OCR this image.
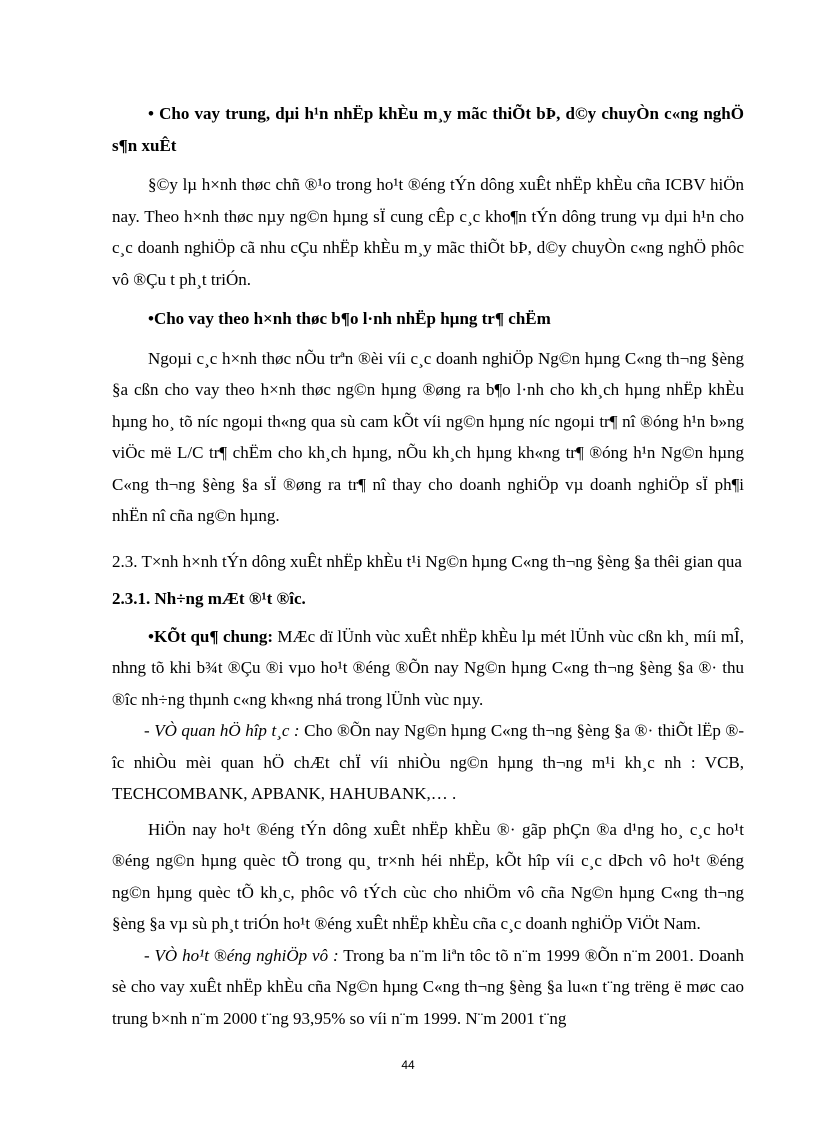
• Cho vay trung, dµi h¹n nhËp khÈu m¸y mãc thiÕt bÞ, d©y chuyÒn c«ng nghÖ s¶n xuÊt

§©y lµ h×nh thøc chñ ®¹o trong ho¹t ®éng tÝn dông xuÊt nhËp khÈu cña ICBV hiÖn nay. Theo h×nh thøc nµy ng©n hµng sÏ cung cÊp c¸c kho¶n tÝn dông trung vµ dµi h¹n cho c¸c doanh nghiÖp cã nhu cÇu nhËp khÈu m¸y mãc thiÕt bÞ, d©y chuyÒn c«ng nghÖ phôc vô ®Çu t ph¸t triÓn.

•Cho vay theo h×nh thøc b¶o l·nh nhËp hµng tr¶ chËm

Ngoµi c¸c h×nh thøc nÕu trªn ®èi víi c¸c doanh nghiÖp Ng©n hµng C«ng th¬ng §èng §a cßn cho vay theo h×nh thøc ng©n hµng ®øng ra b¶o l·nh cho kh¸ch hµng nhËp khÈu hµng ho¸ tõ níc ngoµi th«ng qua sù cam kÕt víi ng©n hµng níc ngoµi tr¶ nî ®óng h¹n b»ng viÖc më L/C tr¶ chËm cho kh¸ch hµng, nÕu kh¸ch hµng kh«ng tr¶ ®óng h¹n Ng©n hµng C«ng th¬ng §èng §a sÏ ®øng ra tr¶ nî thay cho doanh nghiÖp vµ doanh nghiÖp sÏ ph¶i nhËn nî cña ng©n hµng.

2.3. T×nh h×nh tÝn dông xuÊt nhËp khÈu t¹i Ng©n hµng C«ng th¬ng §èng §a thêi gian qua

2.3.1. Nh÷ng mÆt ®¹t ®îc.

•KÕt qu¶ chung: MÆc dï lÜnh vùc xuÊt nhËp khÈu lµ mét lÜnh vùc cßn kh¸ míi mÎ, nhng tõ khi b¾t ®Çu ®i vµo ho¹t ®éng ®Õn nay Ng©n hµng C«ng th¬ng §èng §a ®· thu ®îc nh÷ng thµnh c«ng kh«ng nhá trong lÜnh vùc nµy.

- VÒ quan hÖ hîp t¸c : Cho ®Õn nay Ng©n hµng C«ng th¬ng §èng §a ®· thiÕt lËp ®îc nhiÒu mèi quan hÖ chÆt chÏ víi nhiÒu ng©n hµng th¬ng m¹i kh¸c nh : VCB, TECHCOMBANK, APBANK, HAHUBANK,… .

HiÖn nay ho¹t ®éng tÝn dông xuÊt nhËp khÈu ®· gãp phÇn ®a d¹ng ho¸ c¸c ho¹t ®éng ng©n hµng quèc tÕ trong qu¸ tr×nh héi nhËp, kÕt hîp víi c¸c dÞch vô ho¹t ®éng ng©n hµng quèc tÕ kh¸c, phôc vô tÝch cùc cho nhiÖm vô cña Ng©n hµng C«ng th¬ng §èng §a vµ sù ph¸t triÓn ho¹t ®éng xuÊt nhËp khÈu cña c¸c doanh nghiÖp ViÖt Nam.

- VÒ ho¹t ®éng nghiÖp vô : Trong ba n¨m liªn tôc tõ n¨m 1999 ®Õn n¨m 2001. Doanh sè cho vay xuÊt nhËp khÈu cña Ng©n hµng C«ng th¬ng §èng §a lu«n t¨ng trëng ë møc cao trung b×nh n¨m 2000 t¨ng 93,95% so víi n¨m 1999. N¨m 2001 t¨ng

44
